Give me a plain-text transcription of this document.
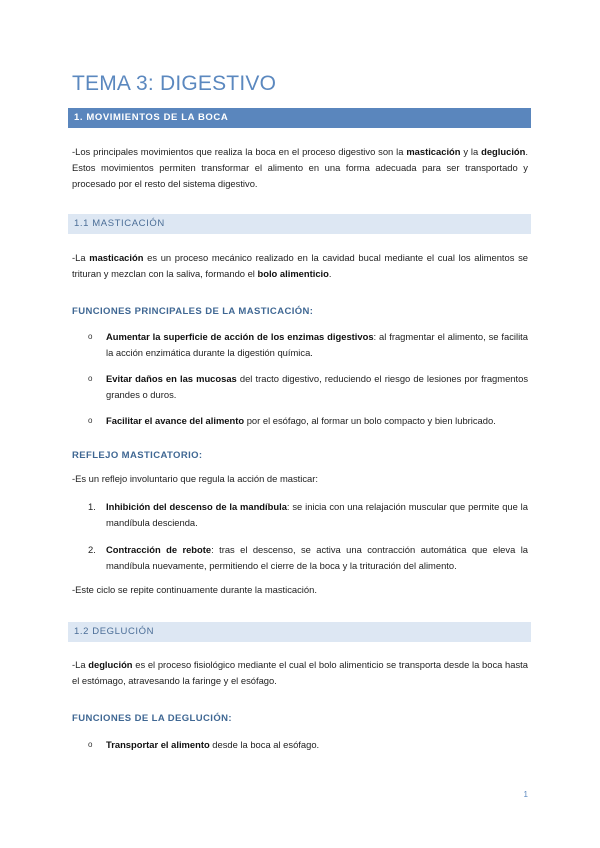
TEMA 3: DIGESTIVO
1. MOVIMIENTOS DE LA BOCA

-Los principales movimientos que realiza la boca en el proceso digestivo son la masticación y la deglución. Estos movimientos permiten transformar el alimento en una forma adecuada para ser transportado y procesado por el resto del sistema digestivo.

1.1 MASTICACIÓN

-La masticación es un proceso mecánico realizado en la cavidad bucal mediante el cual los alimentos se trituran y mezclan con la saliva, formando el bolo alimenticio.

FUNCIONES PRINCIPALES DE LA MASTICACIÓN:
o	Aumentar la superficie de acción de los enzimas digestivos: al fragmentar el alimento, se facilita la acción enzimática durante la digestión química.
o	Evitar daños en las mucosas del tracto digestivo, reduciendo el riesgo de lesiones por fragmentos grandes o duros.
o	Facilitar el avance del alimento por el esófago, al formar un bolo compacto y bien lubricado.
REFLEJO MASTICATORIO:

-Es un reflejo involuntario que regula la acción de masticar:

1.	Inhibición del descenso de la mandíbula: se inicia con una relajación muscular que permite que la mandíbula descienda.
2.	Contracción de rebote: tras el descenso, se activa una contracción automática que eleva la mandíbula nuevamente, permitiendo el cierre de la boca y la trituración del alimento.

-Este ciclo se repite continuamente durante la masticación.

1.2 DEGLUCIÓN

-La deglución es el proceso fisiológico mediante el cual el bolo alimenticio se transporta desde la boca hasta el estómago, atravesando la faringe y el esófago.

FUNCIONES DE LA DEGLUCIÓN:
o	Transportar el alimento desde la boca al esófago.
1
